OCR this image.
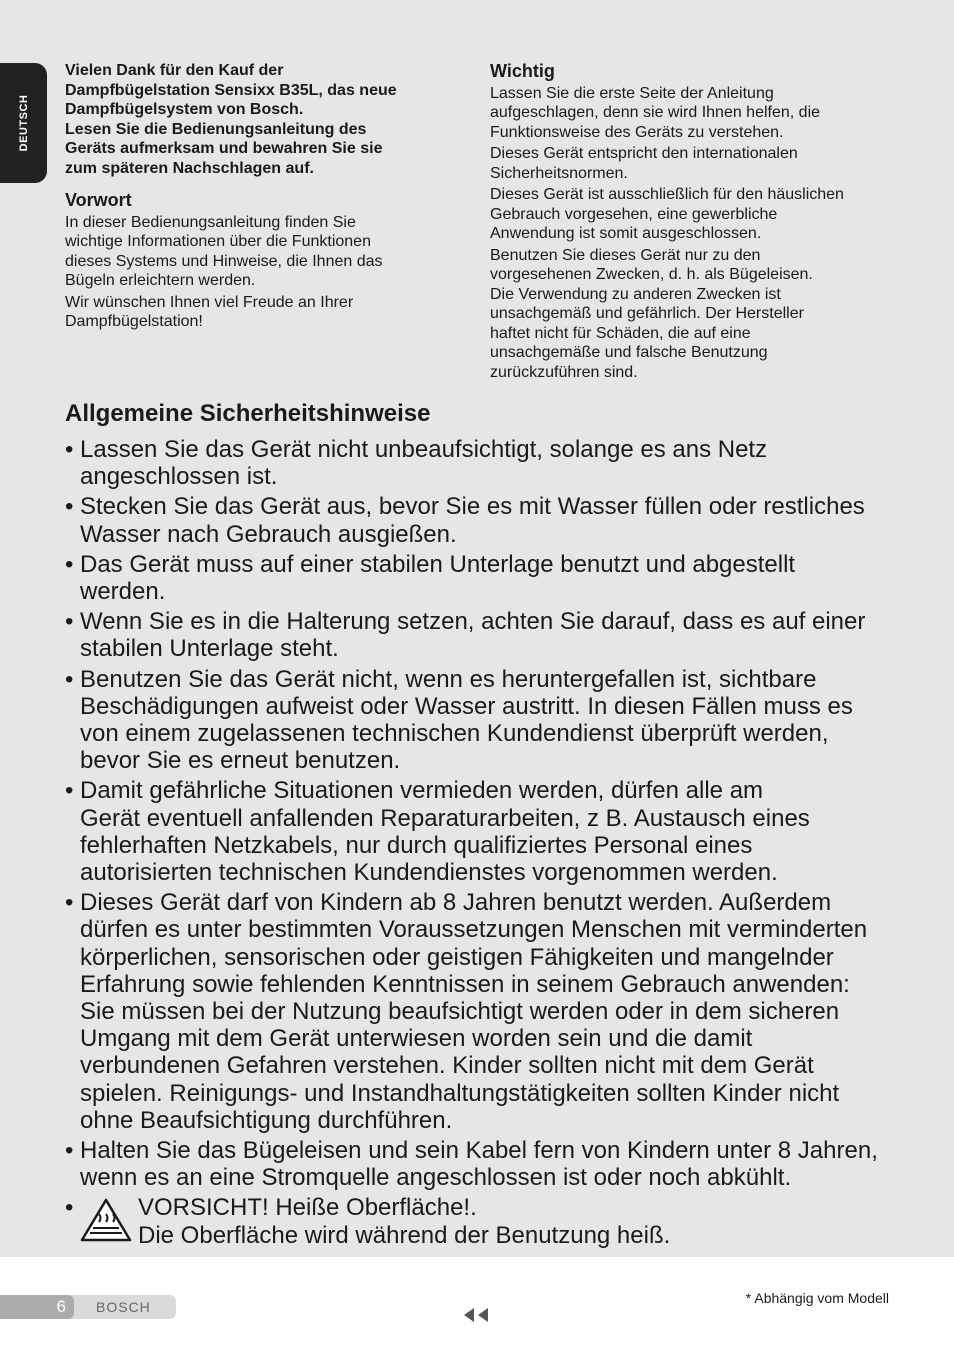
DEUTSCH
Vielen Dank für den Kauf der
Dampfbügelstation Sensixx B35L, das neue
Dampfbügelsystem von Bosch.
Lesen Sie die Bedienungsanleitung des
Geräts aufmerksam und bewahren Sie sie
zum späteren Nachschlagen auf.
Vorwort
In dieser Bedienungsanleitung finden Sie
wichtige Informationen über die Funktionen
dieses Systems und Hinweise, die Ihnen das
Bügeln erleichtern werden.
Wir wünschen Ihnen viel Freude an Ihrer
Dampfbügelstation!
Wichtig
Lassen Sie die erste Seite der Anleitung
aufgeschlagen, denn sie wird Ihnen helfen, die
Funktionsweise des Geräts zu verstehen.
Dieses Gerät entspricht den internationalen
Sicherheitsnormen.
Dieses Gerät ist ausschließlich für den häuslichen
Gebrauch vorgesehen, eine gewerbliche
Anwendung ist somit ausgeschlossen.
Benutzen Sie dieses Gerät nur zu den
vorgesehenen Zwecken, d. h. als Bügeleisen.
Die Verwendung zu anderen Zwecken ist
unsachgemäß und gefährlich. Der Hersteller
haftet nicht für Schäden, die auf eine
unsachgemäße und falsche Benutzung
zurückzuführen sind.
Allgemeine Sicherheitshinweise
• Lassen Sie das Gerät nicht unbeaufsichtigt, solange es ans Netz
angeschlossen ist.
• Stecken Sie das Gerät aus, bevor Sie es mit Wasser füllen oder restliches
Wasser nach Gebrauch ausgießen.
• Das Gerät muss auf einer stabilen Unterlage benutzt und abgestellt
werden.
• Wenn Sie es in die Halterung setzen, achten Sie darauf, dass es auf einer
stabilen Unterlage steht.
• Benutzen Sie das Gerät nicht, wenn es heruntergefallen ist, sichtbare
Beschädigungen aufweist oder Wasser austritt. In diesen Fällen muss es
von einem zugelassenen technischen Kundendienst überprüft werden,
bevor Sie es erneut benutzen.
• Damit gefährliche Situationen vermieden werden, dürfen alle am
Gerät eventuell anfallenden Reparaturarbeiten, z B. Austausch eines
fehlerhaften Netzkabels, nur durch qualifiziertes Personal eines
autorisierten technischen Kundendienstes vorgenommen werden.
• Dieses Gerät darf von Kindern ab 8 Jahren benutzt werden. Außerdem
dürfen es unter bestimmten Voraussetzungen Menschen mit verminderten
körperlichen, sensorischen oder geistigen Fähigkeiten und mangelnder
Erfahrung sowie fehlenden Kenntnissen in seinem Gebrauch anwenden:
Sie müssen bei der Nutzung beaufsichtigt werden oder in dem sicheren
Umgang mit dem Gerät unterwiesen worden sein und die damit
verbundenen Gefahren verstehen. Kinder sollten nicht mit dem Gerät
spielen. Reinigungs- und Instandhaltungstätigkeiten sollten Kinder nicht
ohne Beaufsichtigung durchführen.
• Halten Sie das Bügeleisen und sein Kabel fern von Kindern unter 8 Jahren,
wenn es an eine Stromquelle angeschlossen ist oder noch abkühlt.
•	VORSICHT! Heiße Oberfläche!.
Die Oberfläche wird während der Benutzung heiß.
6	BOSCH
* Abhängig vom Modell
